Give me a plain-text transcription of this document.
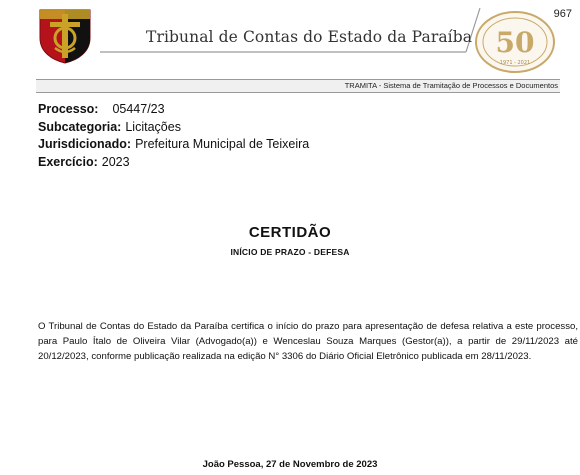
967
Tribunal de Contas do Estado da Paraíba 50
1971 - 2021
TRAMITA - Sistema de Tramitação de Processos e Documentos
Processo: 05447/23
Subcategoria: Licitações
Jurisdicionado: Prefeitura Municipal de Teixeira
Exercício: 2023
CERTIDÃO
INÍCIO DE PRAZO - DEFESA
O Tribunal de Contas do Estado da Paraíba certifica o início do prazo para apresentação de defesa relativa a este processo, para Paulo Ítalo de Oliveira Vilar (Advogado(a)) e Wenceslau Souza Marques (Gestor(a)), a partir de 29/11/2023 até 20/12/2023, conforme publicação realizada na edição N° 3306 do Diário Oficial Eletrônico publicada em 28/11/2023.
João Pessoa, 27 de Novembro de 2023
